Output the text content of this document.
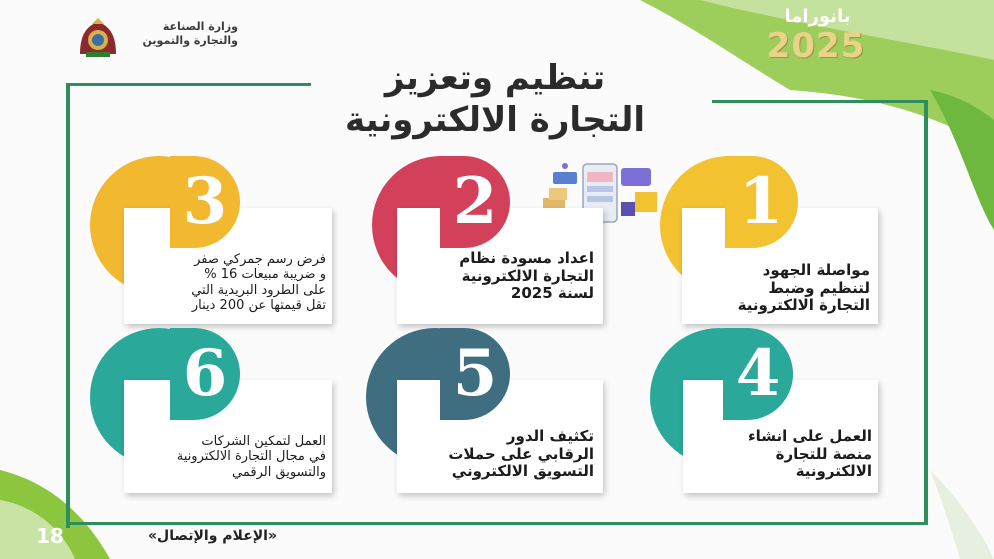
وزارة الصناعة
والتجارة والتموين
بانوراما
2025
تنظيم وتعزيز
التجارة الالكترونية
1
مواصلة الجهود
لتنظيم وضبط
التجارة الالكترونية
2
اعداد مسودة نظام
التجارة الالكترونية
لسنة 2025
3
فرض رسم جمركي صفر
و ضريبة مبيعات 16 %
على الطرود البريدية التي
تقل قيمتها عن 200 دينار
4
العمل على انشاء
منصة للتجارة
الالكترونية
5
تكثيف الدور
الرقابي على حملات
التسويق الالكتروني
6
العمل لتمكين الشركات
في مجال التجارة الالكترونية
والتسويق الرقمي
18	«الإعلام والإتصال»
